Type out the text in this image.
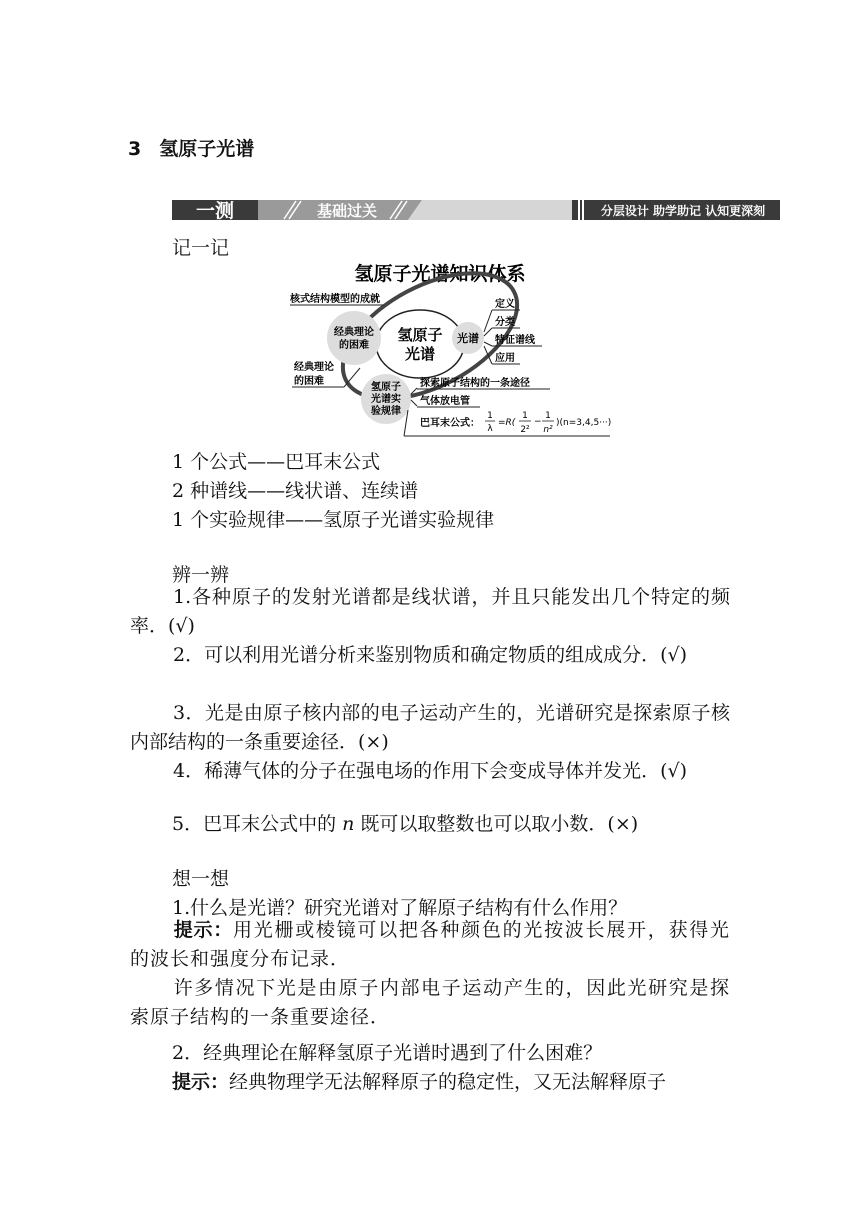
3 氢原子光谱
一测	基础过关	分层设计 助学助记 认知更深刻
记一记
氢原子光谱知识体系
氢原子
光谱
核式结构模型的成就
经典理论
的困难
经典理论
的困难
光谱
定义
分类
特征谱线
应用
氢原子
光谱实
验规律
探索原子结构的一条途径
气体放电管
巴耳末公式：
1
λ
=R(
1
2²
−
1
n²
)(n=3,4,5···)
1 个公式——巴耳末公式
2 种谱线——线状谱、连续谱
1 个实验规律——氢原子光谱实验规律
辨一辨
1.各种原子的发射光谱都是线状谱，并且只能发出几个特定的频率．(√)
2．可以利用光谱分析来鉴别物质和确定物质的组成成分．(√)
3．光是由原子核内部的电子运动产生的，光谱研究是探索原子核内部结构的一条重要途径．(×)
4．稀薄气体的分子在强电场的作用下会变成导体并发光．(√)
5．巴耳末公式中的 n 既可以取整数也可以取小数．(×)
想一想
1.什么是光谱？研究光谱对了解原子结构有什么作用？
提示：用光栅或棱镜可以把各种颜色的光按波长展开，获得光的波长和强度分布记录．
许多情况下光是由原子内部电子运动产生的，因此光研究是探索原子结构的一条重要途径．
2．经典理论在解释氢原子光谱时遇到了什么困难？
提示：经典物理学无法解释原子的稳定性，又无法解释原子
